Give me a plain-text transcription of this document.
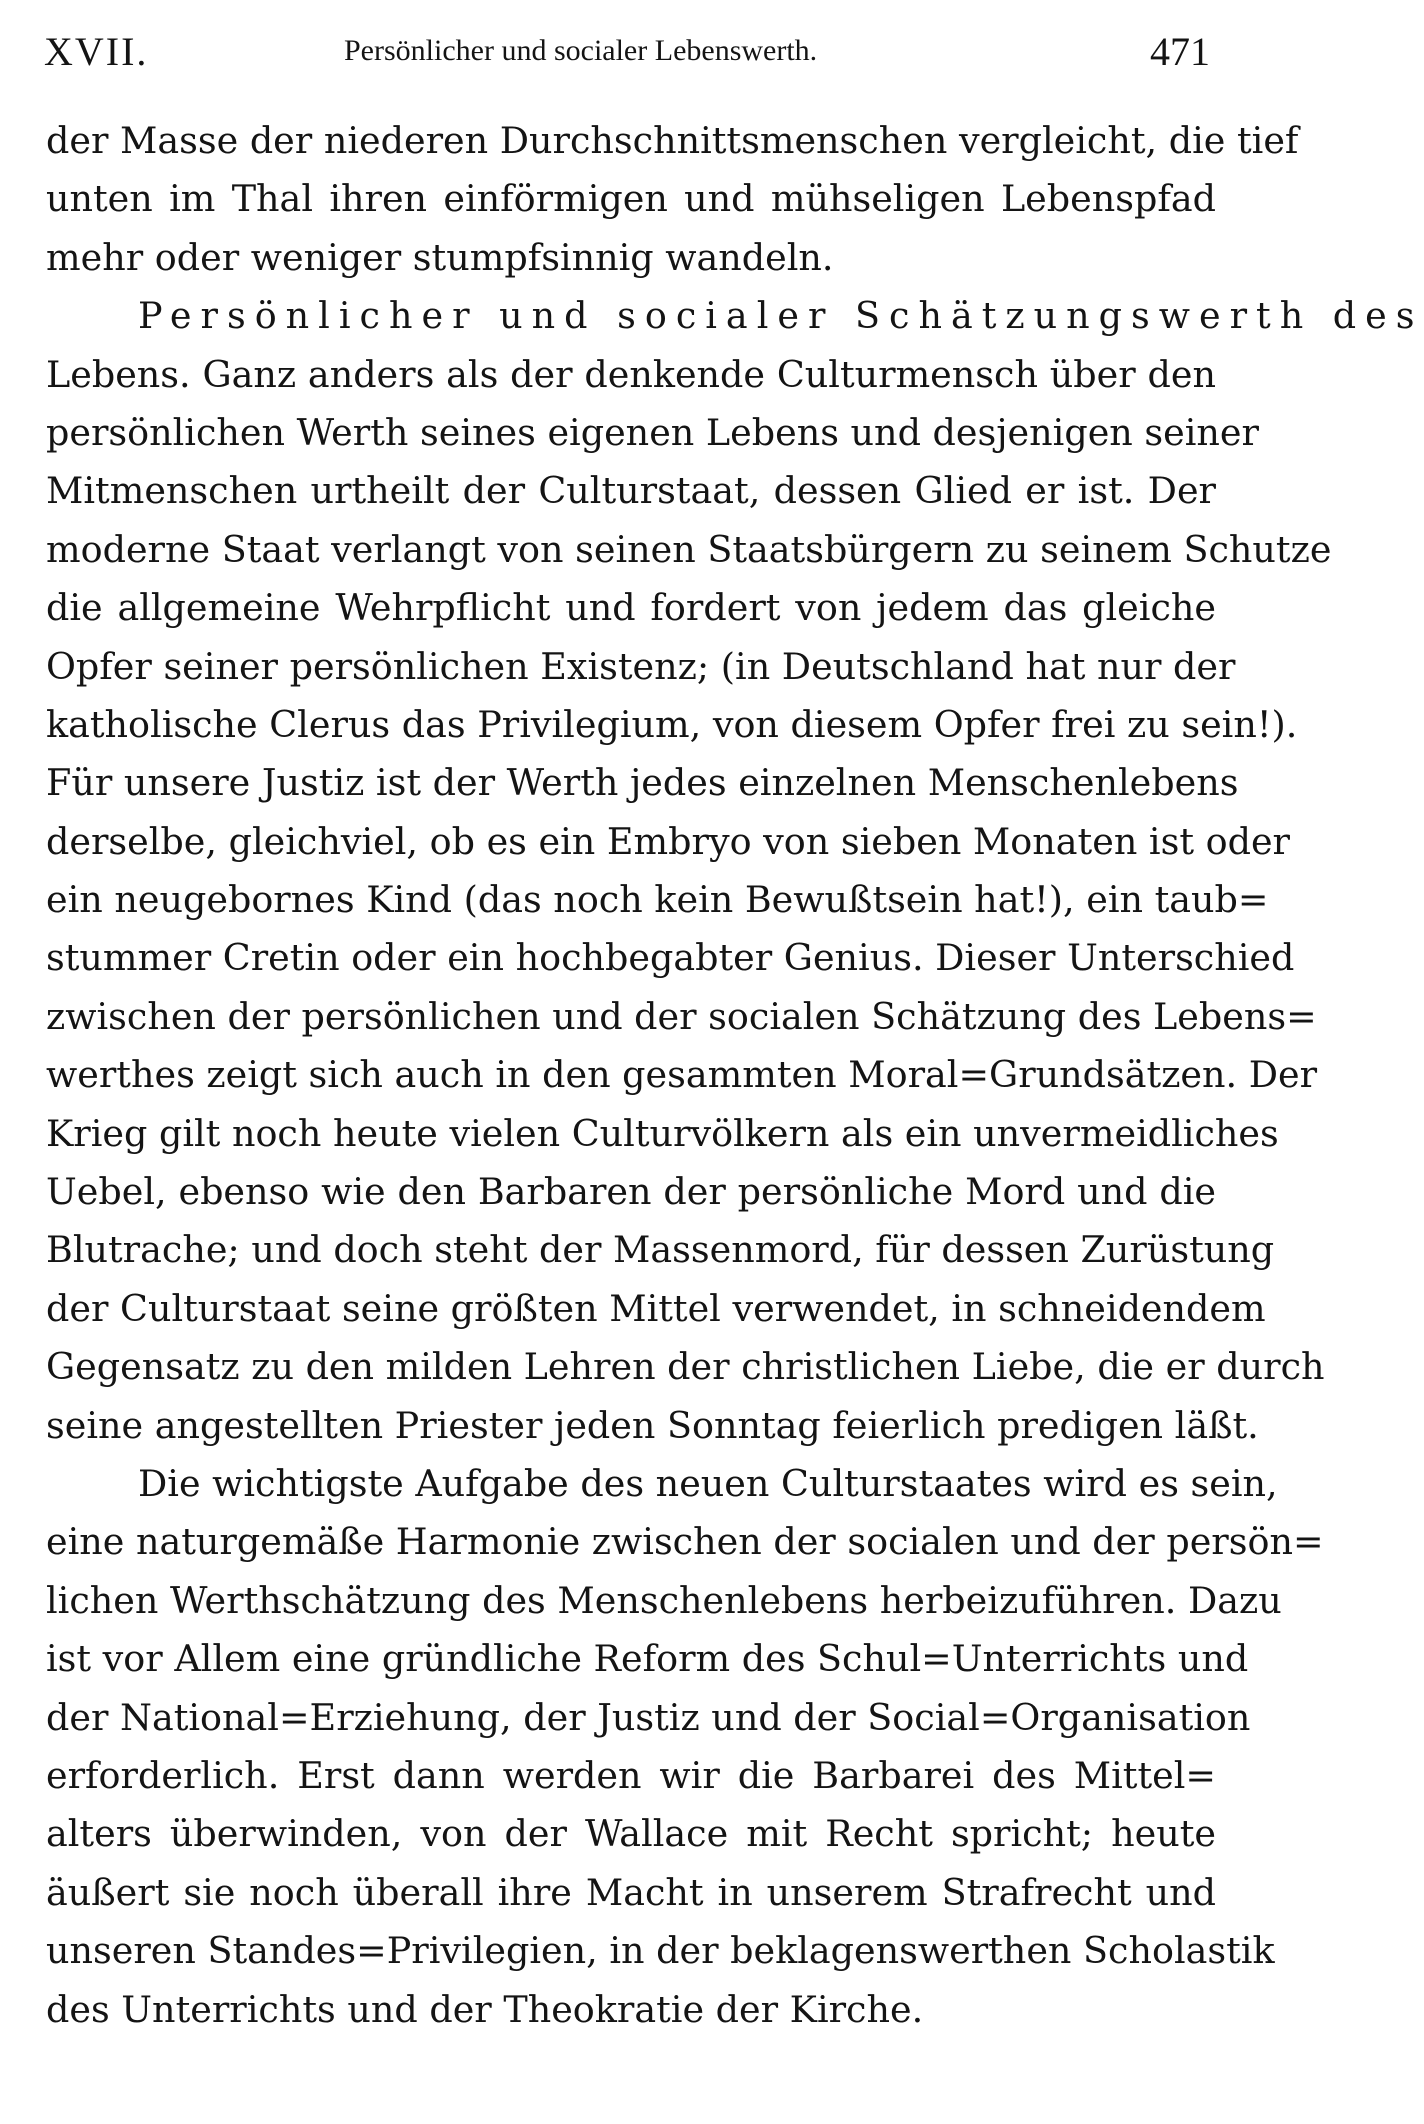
XVII.	Persönlicher und socialer Lebenswerth.	471
der Masse der niederen Durchschnittsmenschen vergleicht, die tief
unten im Thal ihren einförmigen und mühseligen Lebenspfad
mehr oder weniger stumpfsinnig wandeln.
Persönlicher und socialer Schätzungswerth des
Lebens. Ganz anders als der denkende Culturmensch über den
persönlichen Werth seines eigenen Lebens und desjenigen seiner
Mitmenschen urtheilt der Culturstaat, dessen Glied er ist. Der
moderne Staat verlangt von seinen Staatsbürgern zu seinem Schutze
die allgemeine Wehrpflicht und fordert von jedem das gleiche
Opfer seiner persönlichen Existenz; (in Deutschland hat nur der
katholische Clerus das Privilegium, von diesem Opfer frei zu sein!).
Für unsere Justiz ist der Werth jedes einzelnen Menschenlebens
derselbe, gleichviel, ob es ein Embryo von sieben Monaten ist oder
ein neugebornes Kind (das noch kein Bewußtsein hat!), ein taub=
stummer Cretin oder ein hochbegabter Genius. Dieser Unterschied
zwischen der persönlichen und der socialen Schätzung des Lebens=
werthes zeigt sich auch in den gesammten Moral=Grundsätzen. Der
Krieg gilt noch heute vielen Culturvölkern als ein unvermeidliches
Uebel, ebenso wie den Barbaren der persönliche Mord und die
Blutrache; und doch steht der Massenmord, für dessen Zurüstung
der Culturstaat seine größten Mittel verwendet, in schneidendem
Gegensatz zu den milden Lehren der christlichen Liebe, die er durch
seine angestellten Priester jeden Sonntag feierlich predigen läßt.
Die wichtigste Aufgabe des neuen Culturstaates wird es sein,
eine naturgemäße Harmonie zwischen der socialen und der persön=
lichen Werthschätzung des Menschenlebens herbeizuführen. Dazu
ist vor Allem eine gründliche Reform des Schul=Unterrichts und
der National=Erziehung, der Justiz und der Social=Organisation
erforderlich. Erst dann werden wir die Barbarei des Mittel=
alters überwinden, von der Wallace mit Recht spricht; heute
äußert sie noch überall ihre Macht in unserem Strafrecht und
unseren Standes=Privilegien, in der beklagenswerthen Scholastik
des Unterrichts und der Theokratie der Kirche.
